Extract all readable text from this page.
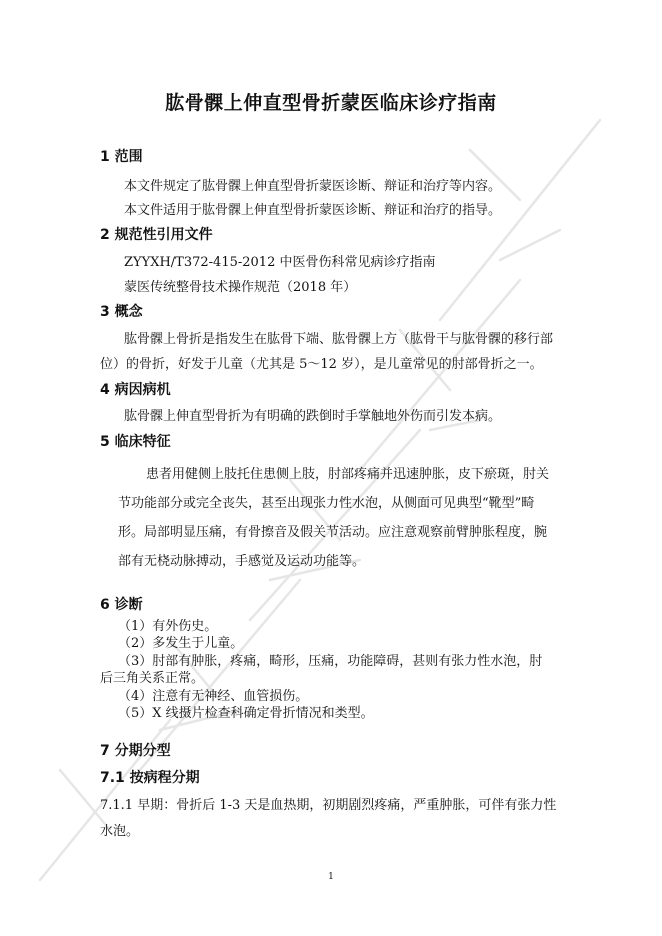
肱骨髁上伸直型骨折蒙医临床诊疗指南
1 范围
本文件规定了肱骨髁上伸直型骨折蒙医诊断、辩证和治疗等内容。
本文件适用于肱骨髁上伸直型骨折蒙医诊断、辩证和治疗的指导。
2 规范性引用文件
ZYYXH/T372-415-2012 中医骨伤科常见病诊疗指南
蒙医传统整骨技术操作规范（2018 年）
3 概念
肱骨髁上骨折是指发生在肱骨下端、肱骨髁上方（肱骨干与肱骨髁的移行部
位）的骨折，好发于儿童（尤其是 5～12 岁），是儿童常见的肘部骨折之一。
4 病因病机
肱骨髁上伸直型骨折为有明确的跌倒时手掌触地外伤而引发本病。
5 临床特征
患者用健侧上肢托住患侧上肢，肘部疼痛并迅速肿胀，皮下瘀斑，肘关
节功能部分或完全丧失，甚至出现张力性水泡，从侧面可见典型“靴型”畸
形。局部明显压痛，有骨擦音及假关节活动。应注意观察前臂肿胀程度，腕
部有无桡动脉搏动，手感觉及运动功能等。
6 诊断
（1）有外伤史。
（2）多发生于儿童。
（3）肘部有肿胀，疼痛，畸形，压痛，功能障碍，甚则有张力性水泡，肘
后三角关系正常。
（4）注意有无神经、血管损伤。
（5）X 线摄片检查科确定骨折情况和类型。
7 分期分型
7.1 按病程分期
7.1.1 早期：骨折后 1-3 天是血热期，初期剧烈疼痛，严重肿胀，可伴有张力性
水泡。
1
